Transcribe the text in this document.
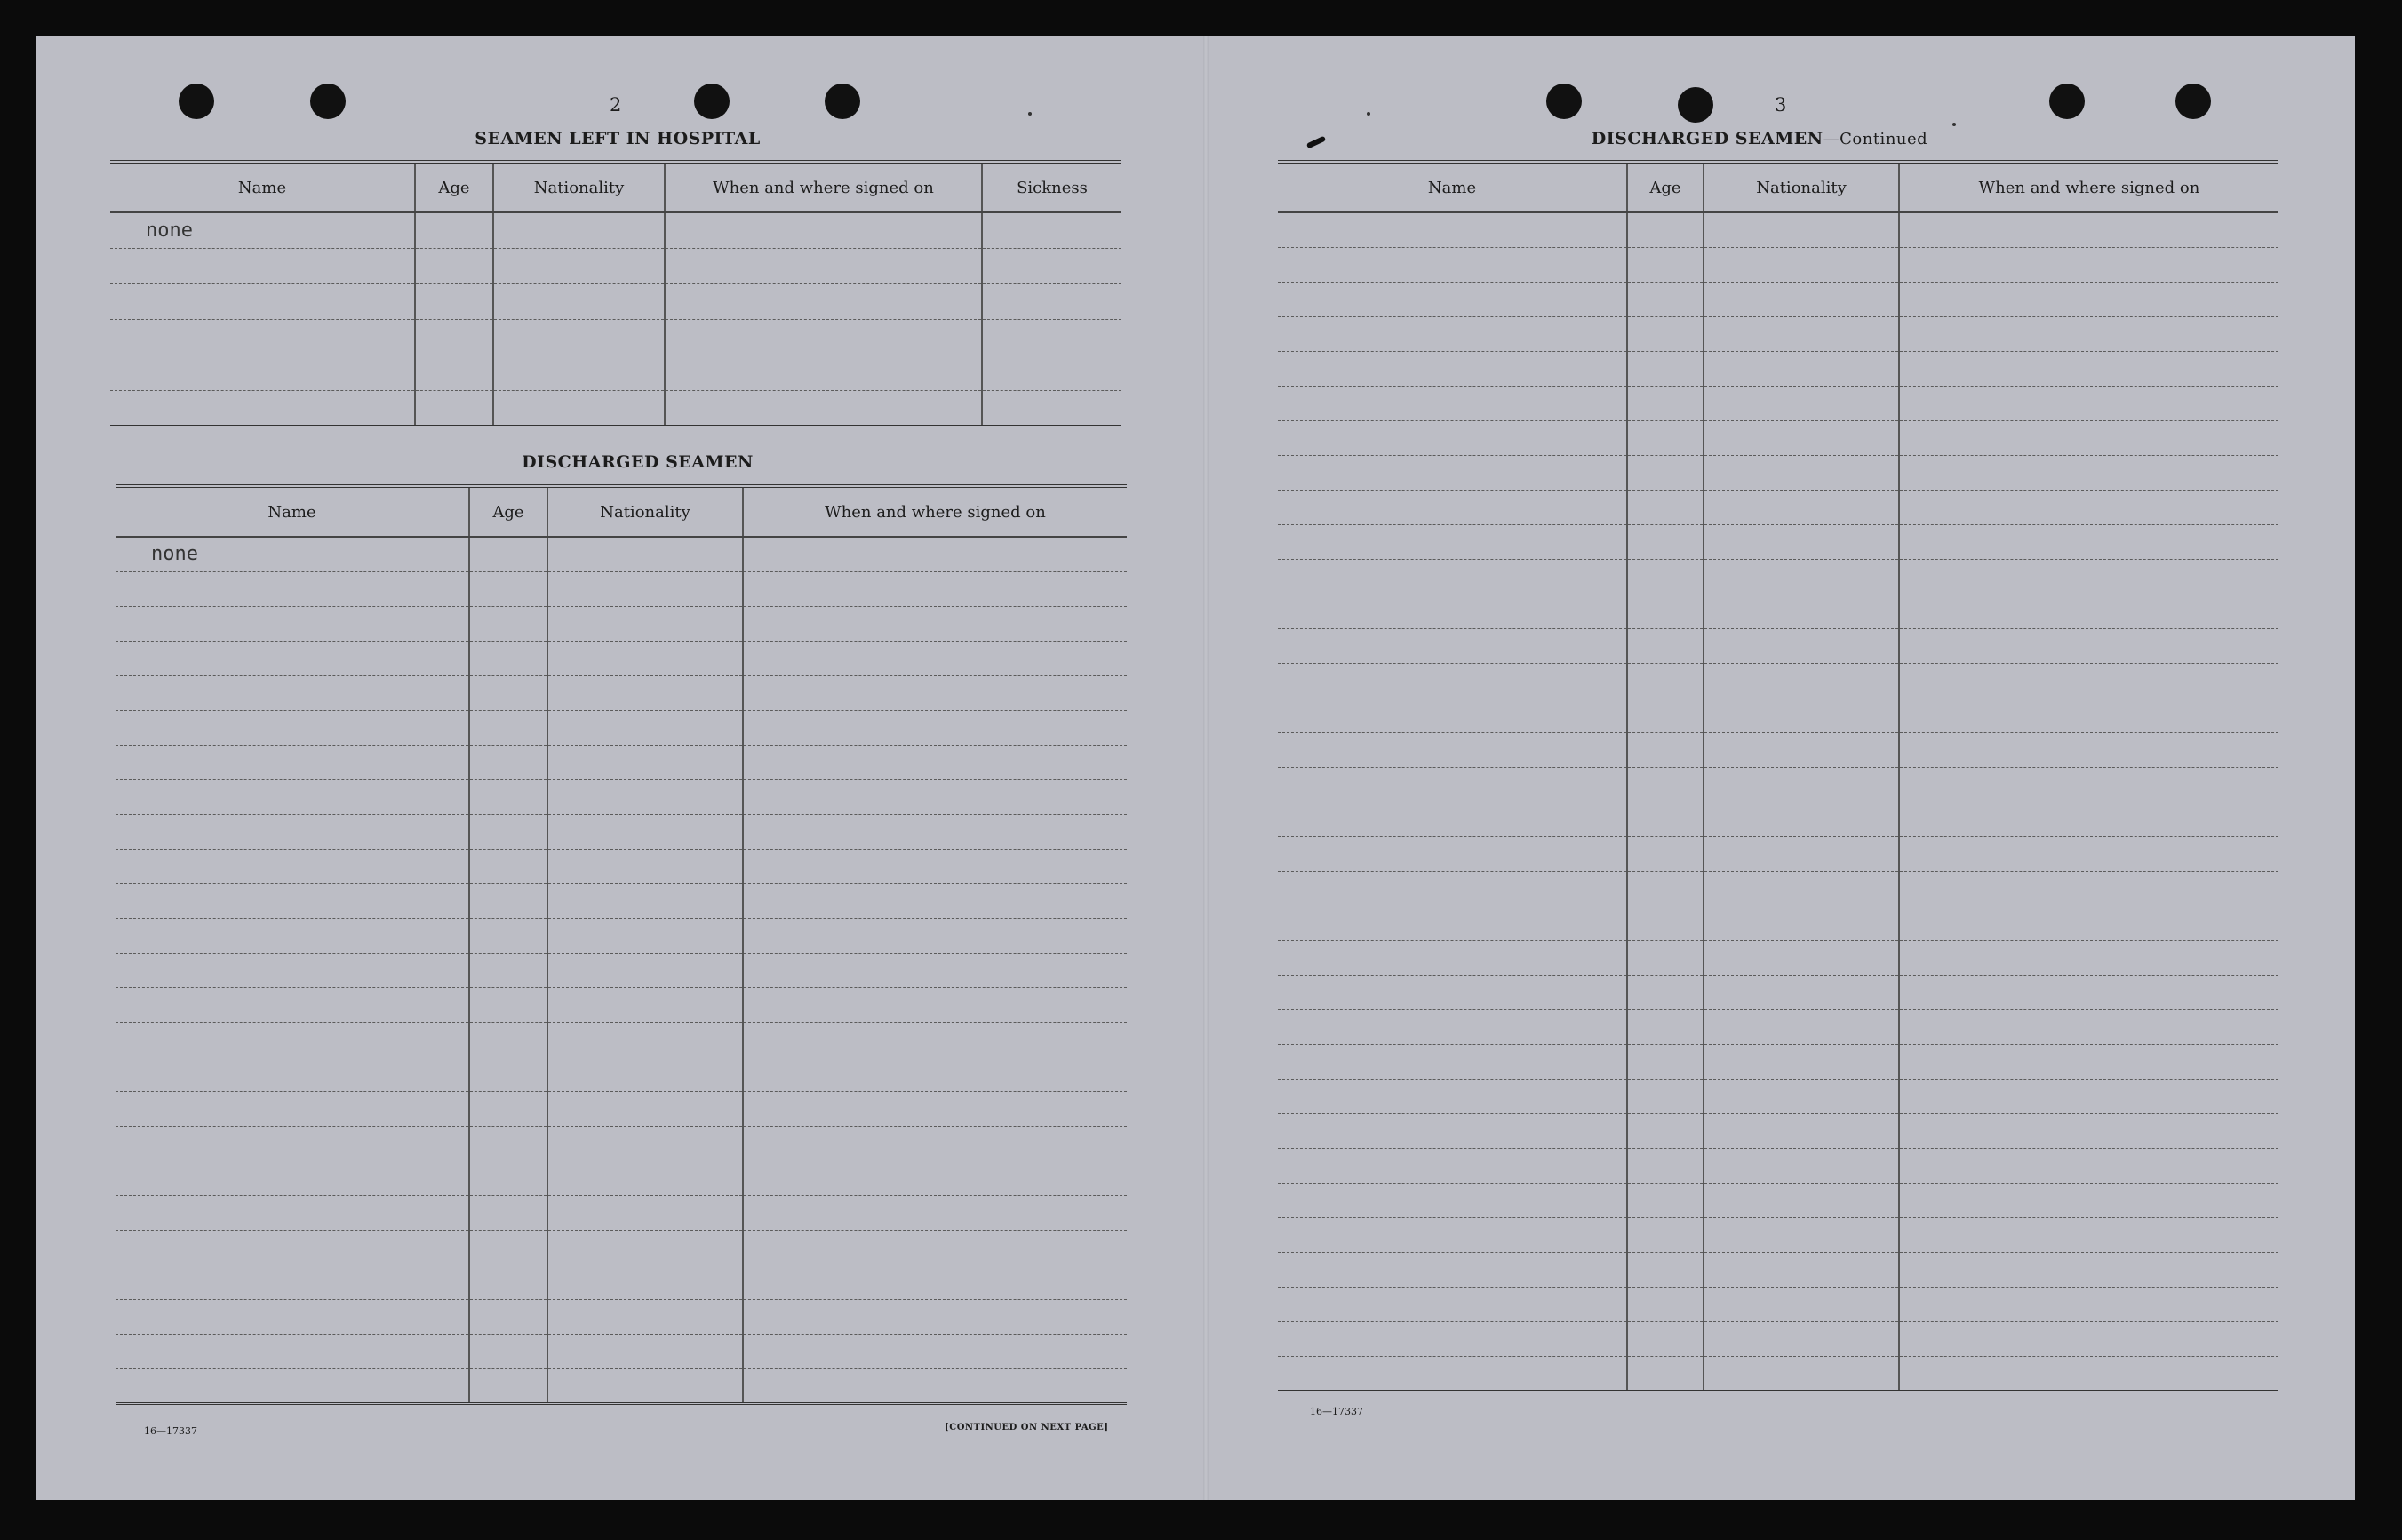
2
SEAMEN LEFT IN HOSPITAL
Name	Age	Nationality	When and where signed on	Sickness
none				

DISCHARGED SEAMEN
Name	Age	Nationality	When and where signed on
none			

16—17337	[CONTINUED ON NEXT PAGE]
3
DISCHARGED SEAMEN—Continued
Name	Age	Nationality	When and where signed on

16—17337
